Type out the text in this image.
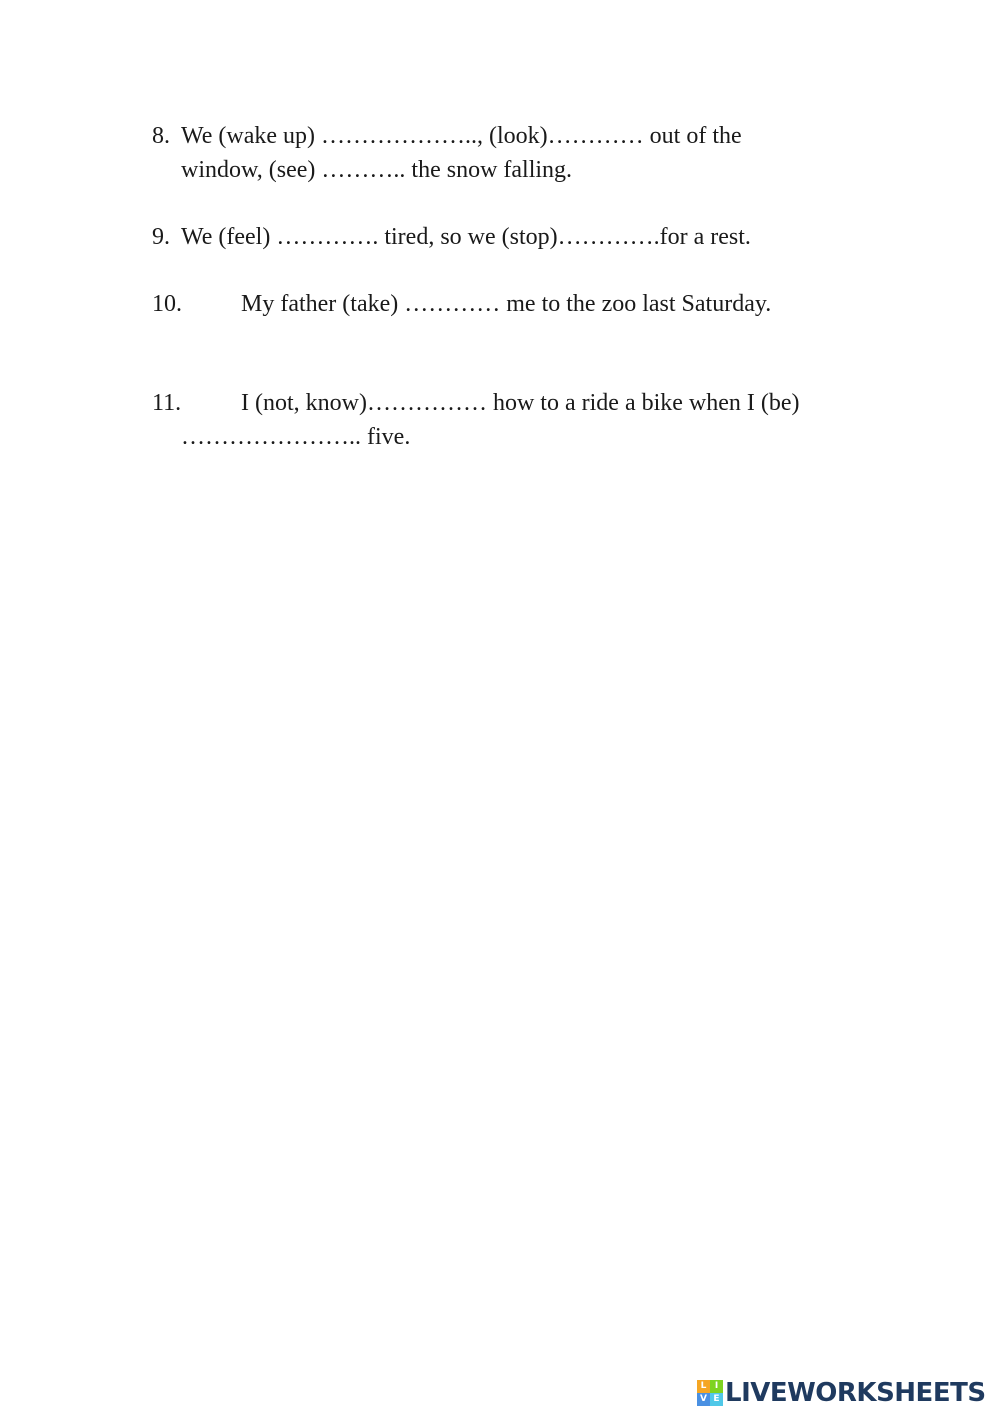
8. We (wake up) ……………….., (look)………… out of the
window, (see) ……….. the snow falling.
9. We (feel) …………. tired, so we (stop)………….for a rest.
10. My father (take) ………… me to the zoo last Saturday.
11. I (not, know)…………… how to a ride a bike when I (be)
………………….. five.
L I
V E LIVEWORKSHEETS
